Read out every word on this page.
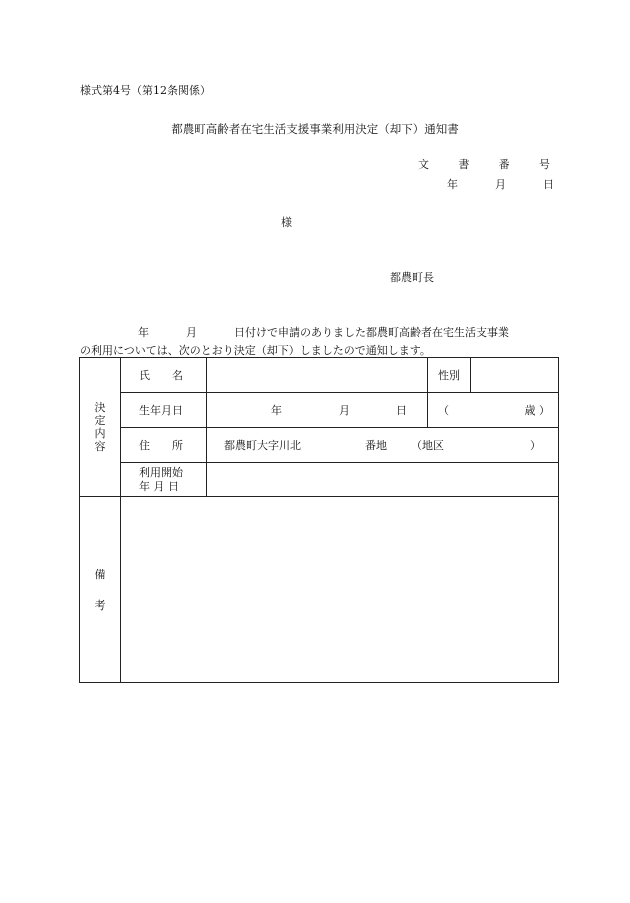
様式第4号（第12条関係）
都農町高齢者在宅生活支援事業利用決定（却下）通知書
文	書	番	号
年	月	日
様
都農町長
年	月	日付けで申請のありました都農町高齢者在宅生活支事業
の利用については、次のとおり決定（却下）しましたので通知します。
決
定
内
容	氏　　名		性別	
	生年月日	年 月 日	（ 歳 ）	

	住　　所	都農町大字川北 番地 （地区 ）		

	利用開始
年 月 日			

備
考				
